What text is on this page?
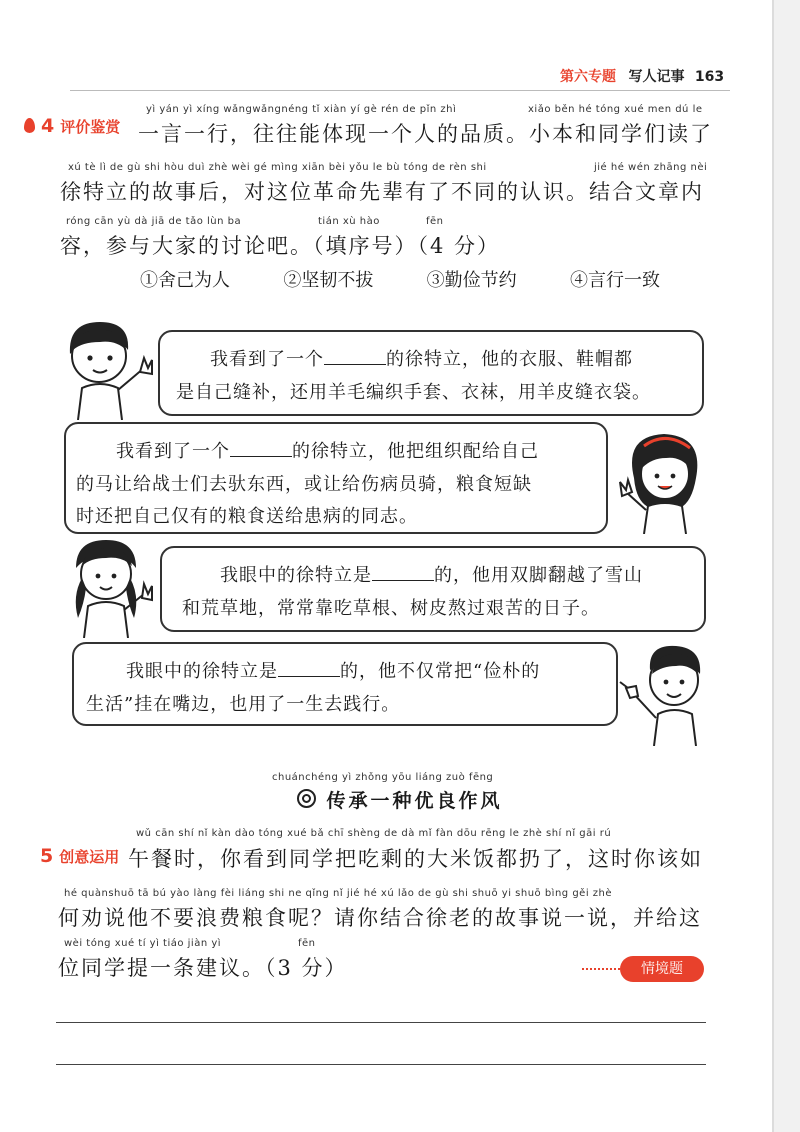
第六专题 写人记事 163
4 评价鉴赏
yì yán yì xíng wǎngwǎngnéng tǐ xiàn yí gè rén de pǐn zhì	xiǎo běn hé tóng xué men dú le
一言一行，往往能体现一个人的品质。小本和同学们读了
xú tè lì de gù shi hòu duì zhè wèi gé mìng xiān bèi yǒu le bù tóng de rèn shi	jié hé wén zhāng nèi
徐特立的故事后，对这位革命先辈有了不同的认识。结合文章内
róng cān yù dà jiā de tǎo lùn ba	tián xù hào	fēn
容，参与大家的讨论吧。（填序号）（4 分）
①舍己为人	②坚韧不拔	③勤俭节约	④言行一致
我看到了一个	的徐特立，他的衣服、鞋帽都
是自己缝补，还用羊毛编织手套、衣袜，用羊皮缝衣袋。
我看到了一个	的徐特立，他把组织配给自己
的马让给战士们去驮东西，或让给伤病员骑，粮食短缺
时还把自己仅有的粮食送给患病的同志。
我眼中的徐特立是	的，他用双脚翻越了雪山
和荒草地，常常靠吃草根、树皮熬过艰苦的日子。
我眼中的徐特立是	的，他不仅常把“俭朴的
生活”挂在嘴边，也用了一生去践行。
chuánchéng yì zhǒng yōu liáng zuò fēng
传承一种优良作风
5 创意运用
wǔ cān shí nǐ kàn dào tóng xué bǎ chī shèng de dà mǐ fàn dōu rēng le zhè shí nǐ gāi rú
午餐时，你看到同学把吃剩的大米饭都扔了，这时你该如
hé quànshuō tā bú yào làng fèi liáng shi ne qǐng nǐ jié hé xú lǎo de gù shi shuō yi shuō bìng gěi zhè
何劝说他不要浪费粮食呢？请你结合徐老的故事说一说，并给这
wèi tóng xué tí yì tiáo jiàn yì	fēn
位同学提一条建议。（3 分）	情境题
